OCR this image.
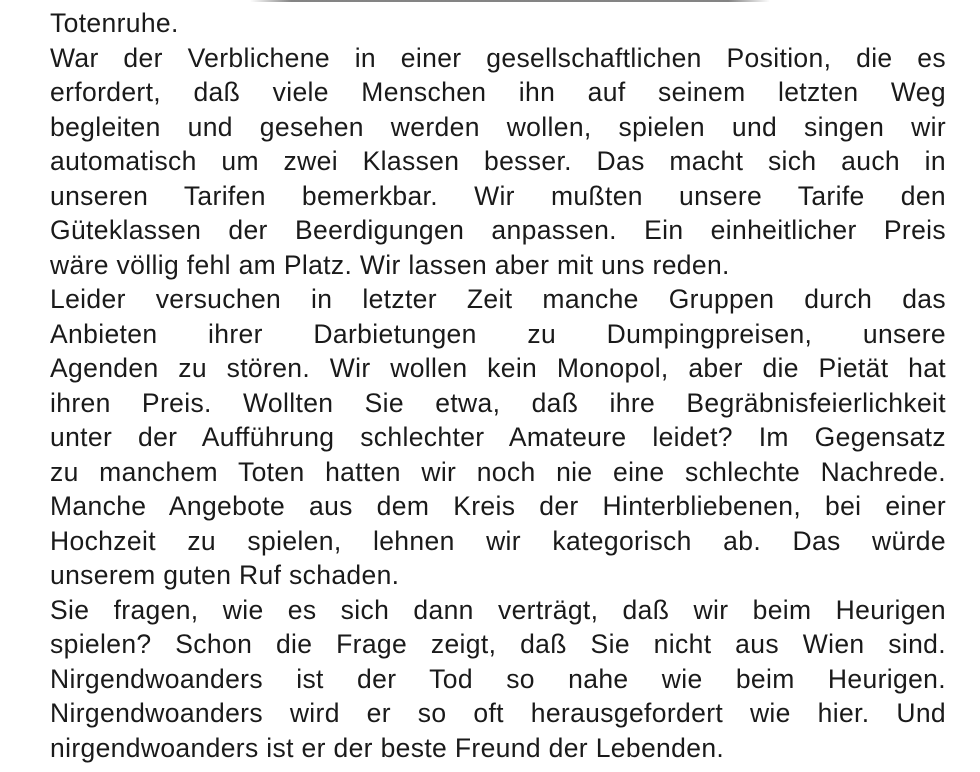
Totenruhe.
War der Verblichene in einer gesellschaftlichen Position, die es
erfordert, daß viele Menschen ihn auf seinem letzten Weg
begleiten und gesehen werden wollen, spielen und singen wir
automatisch um zwei Klassen besser. Das macht sich auch in
unseren Tarifen bemerkbar. Wir mußten unsere Tarife den
Güteklassen der Beerdigungen anpassen. Ein einheitlicher Preis
wäre völlig fehl am Platz. Wir lassen aber mit uns reden.
Leider versuchen in letzter Zeit manche Gruppen durch das
Anbieten ihrer Darbietungen zu Dumpingpreisen, unsere
Agenden zu stören. Wir wollen kein Monopol, aber die Pietät hat
ihren Preis. Wollten Sie etwa, daß ihre Begräbnisfeierlichkeit
unter der Aufführung schlechter Amateure leidet? Im Gegensatz
zu manchem Toten hatten wir noch nie eine schlechte Nachrede.
Manche Angebote aus dem Kreis der Hinterbliebenen, bei einer
Hochzeit zu spielen, lehnen wir kategorisch ab. Das würde
unserem guten Ruf schaden.
Sie fragen, wie es sich dann verträgt, daß wir beim Heurigen
spielen? Schon die Frage zeigt, daß Sie nicht aus Wien sind.
Nirgendwoanders ist der Tod so nahe wie beim Heurigen.
Nirgendwoanders wird er so oft herausgefordert wie hier. Und
nirgendwoanders ist er der beste Freund der Lebenden.
